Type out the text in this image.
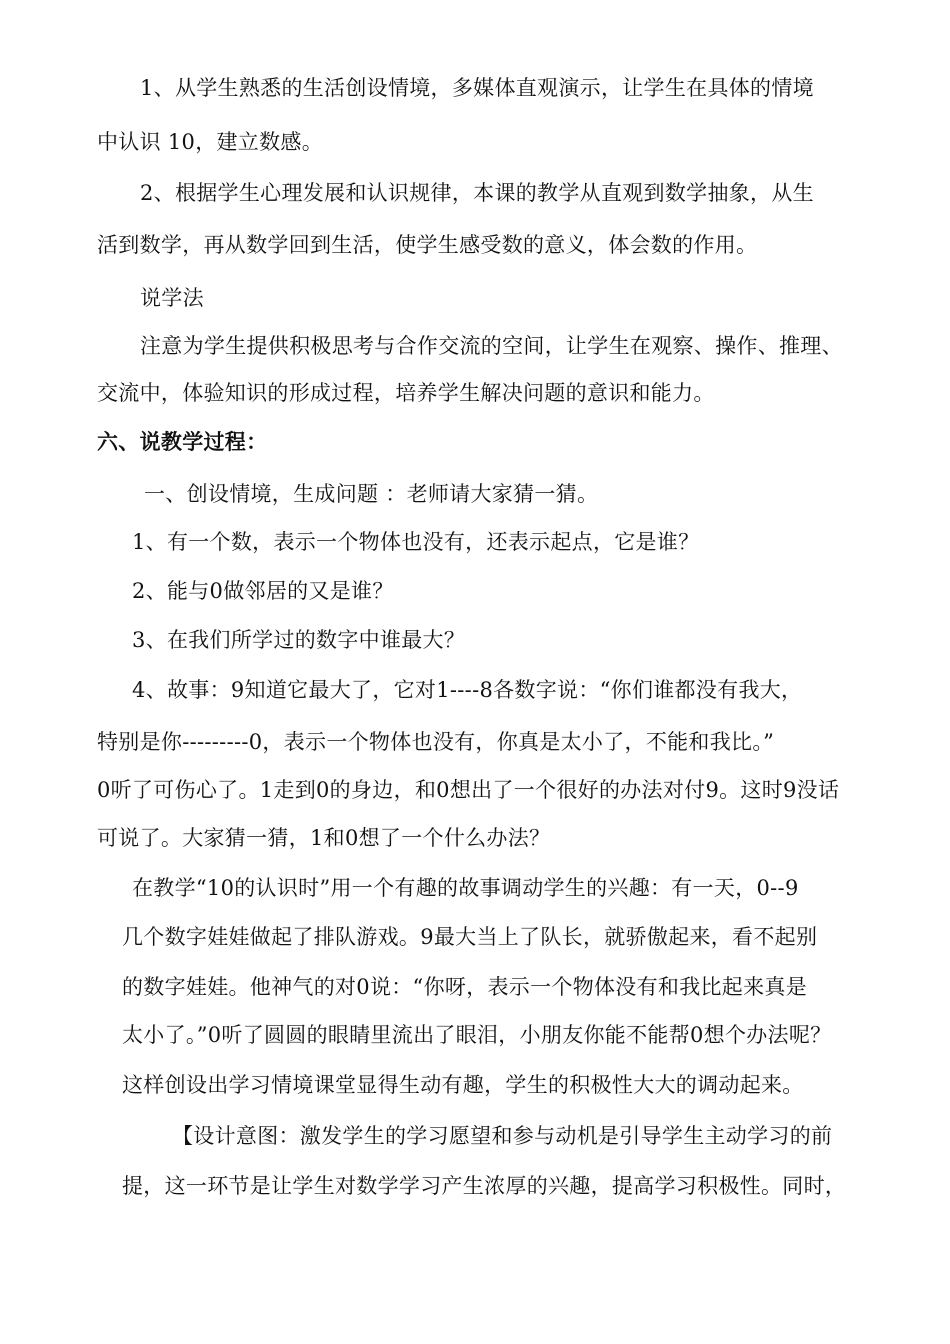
1、从学生熟悉的生活创设情境，多媒体直观演示，让学生在具体的情境
中认识 10，建立数感。
2、根据学生心理发展和认识规律，本课的教学从直观到数学抽象，从生
活到数学，再从数学回到生活，使学生感受数的意义，体会数的作用。
说学法
注意为学生提供积极思考与合作交流的空间，让学生在观察、操作、推理、
交流中，体验知识的形成过程，培养学生解决问题的意识和能力。
六、说教学过程：
一、创设情境，生成问题 ：老师请大家猜一猜。
1、有一个数，表示一个物体也没有，还表示起点，它是谁？
2、能与0做邻居的又是谁？
3、在我们所学过的数字中谁最大？
4、故事：9知道它最大了，它对1----8各数字说：“你们谁都没有我大，
特别是你---------0，表示一个物体也没有，你真是太小了，不能和我比。”
0听了可伤心了。1走到0的身边，和0想出了一个很好的办法对付9。这时9没话
可说了。大家猜一猜，1和0想了一个什么办法？
在教学“10的认识时”用一个有趣的故事调动学生的兴趣：有一天，0--9
几个数字娃娃做起了排队游戏。9最大当上了队长，就骄傲起来，看不起别
的数字娃娃。他神气的对0说：“你呀，表示一个物体没有和我比起来真是
太小了。”0听了圆圆的眼睛里流出了眼泪，小朋友你能不能帮0想个办法呢？
这样创设出学习情境课堂显得生动有趣，学生的积极性大大的调动起来。
【设计意图：激发学生的学习愿望和参与动机是引导学生主动学习的前
提，这一环节是让学生对数学学习产生浓厚的兴趣，提高学习积极性。同时，
